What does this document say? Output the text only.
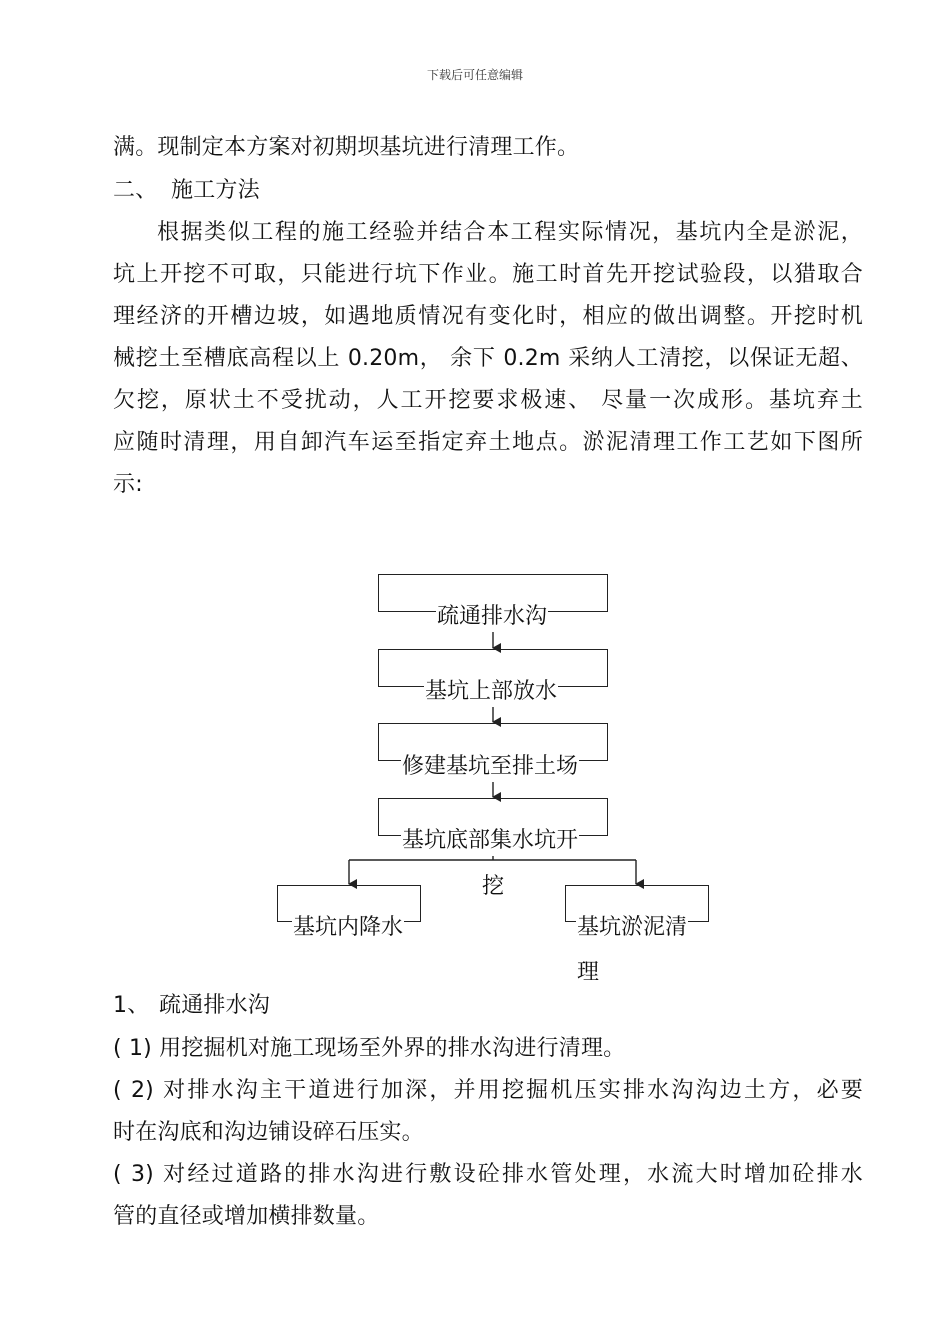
下载后可任意编辑
满。现制定本方案对初期坝基坑进行清理工作。
二、 施工方法
根据类似工程的施工经验并结合本工程实际情况，基坑内全是淤泥，
坑上开挖不可取，只能进行坑下作业。施工时首先开挖试验段，以猎取合
理经济的开槽边坡，如遇地质情况有变化时，相应的做出调整。开挖时机
械挖土至槽底高程以上 0.20m， 余下 0.2m 采纳人工清挖，以保证无超、
欠挖，原状土不受扰动，人工开挖要求极速、 尽量一次成形。基坑弃土
应随时清理，用自卸汽车运至指定弃土地点。淤泥清理工作工艺如下图所
示:
疏通排水沟
基坑上部放水
修建基坑至排土场
基坑底部集水坑开
挖
基坑内降水	基坑淤泥清
理
1、 疏通排水沟
( 1) 用挖掘机对施工现场至外界的排水沟进行清理。
( 2) 对排水沟主干道进行加深，并用挖掘机压实排水沟沟边土方，必要
时在沟底和沟边铺设碎石压实。
( 3) 对经过道路的排水沟进行敷设砼排水管处理，水流大时增加砼排水
管的直径或增加横排数量。
